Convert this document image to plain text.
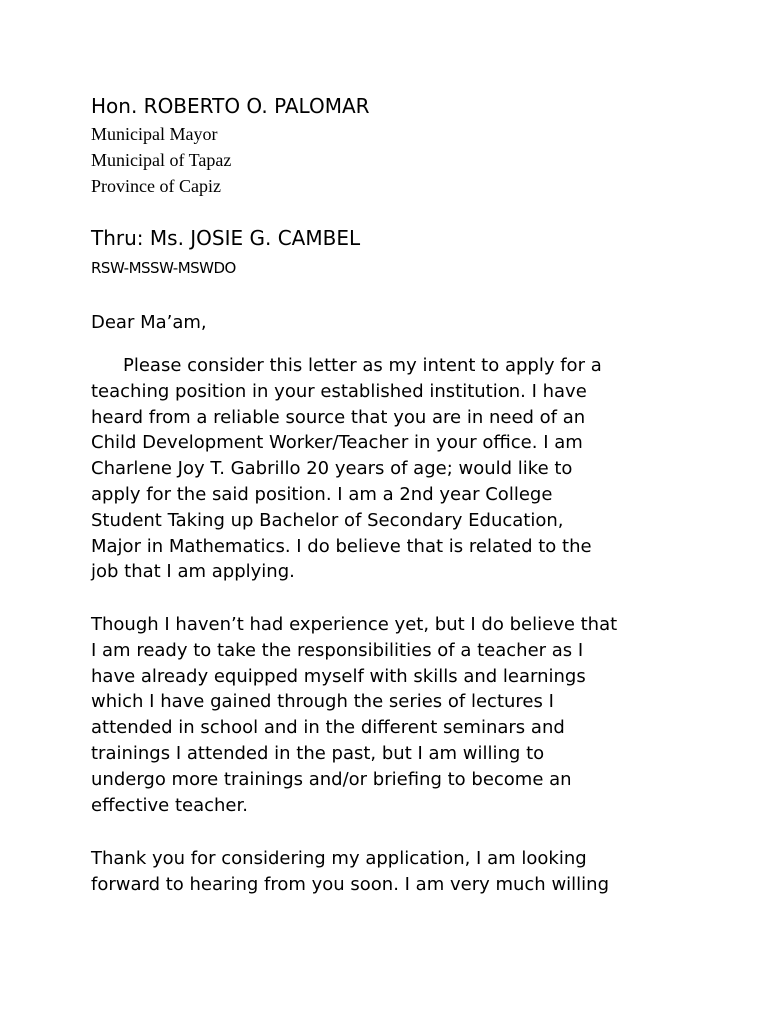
Hon. ROBERTO O. PALOMAR
Municipal Mayor
Municipal of Tapaz
Province of Capiz
Thru: Ms. JOSIE G. CAMBEL
RSW-MSSW-MSWDO
Dear Ma’am,
Please consider this letter as my intent to apply for a
teaching position in your established institution. I have
heard from a reliable source that you are in need of an
Child Development Worker/Teacher in your office. I am
Charlene Joy T. Gabrillo 20 years of age; would like to
apply for the said position. I am a 2nd year College
Student Taking up Bachelor of Secondary Education,
Major in Mathematics. I do believe that is related to the
job that I am applying.
Though I haven’t had experience yet, but I do believe that
I am ready to take the responsibilities of a teacher as I
have already equipped myself with skills and learnings
which I have gained through the series of lectures I
attended in school and in the different seminars and
trainings I attended in the past, but I am willing to
undergo more trainings and/or briefing to become an
effective teacher.
Thank you for considering my application, I am looking
forward to hearing from you soon. I am very much willing
